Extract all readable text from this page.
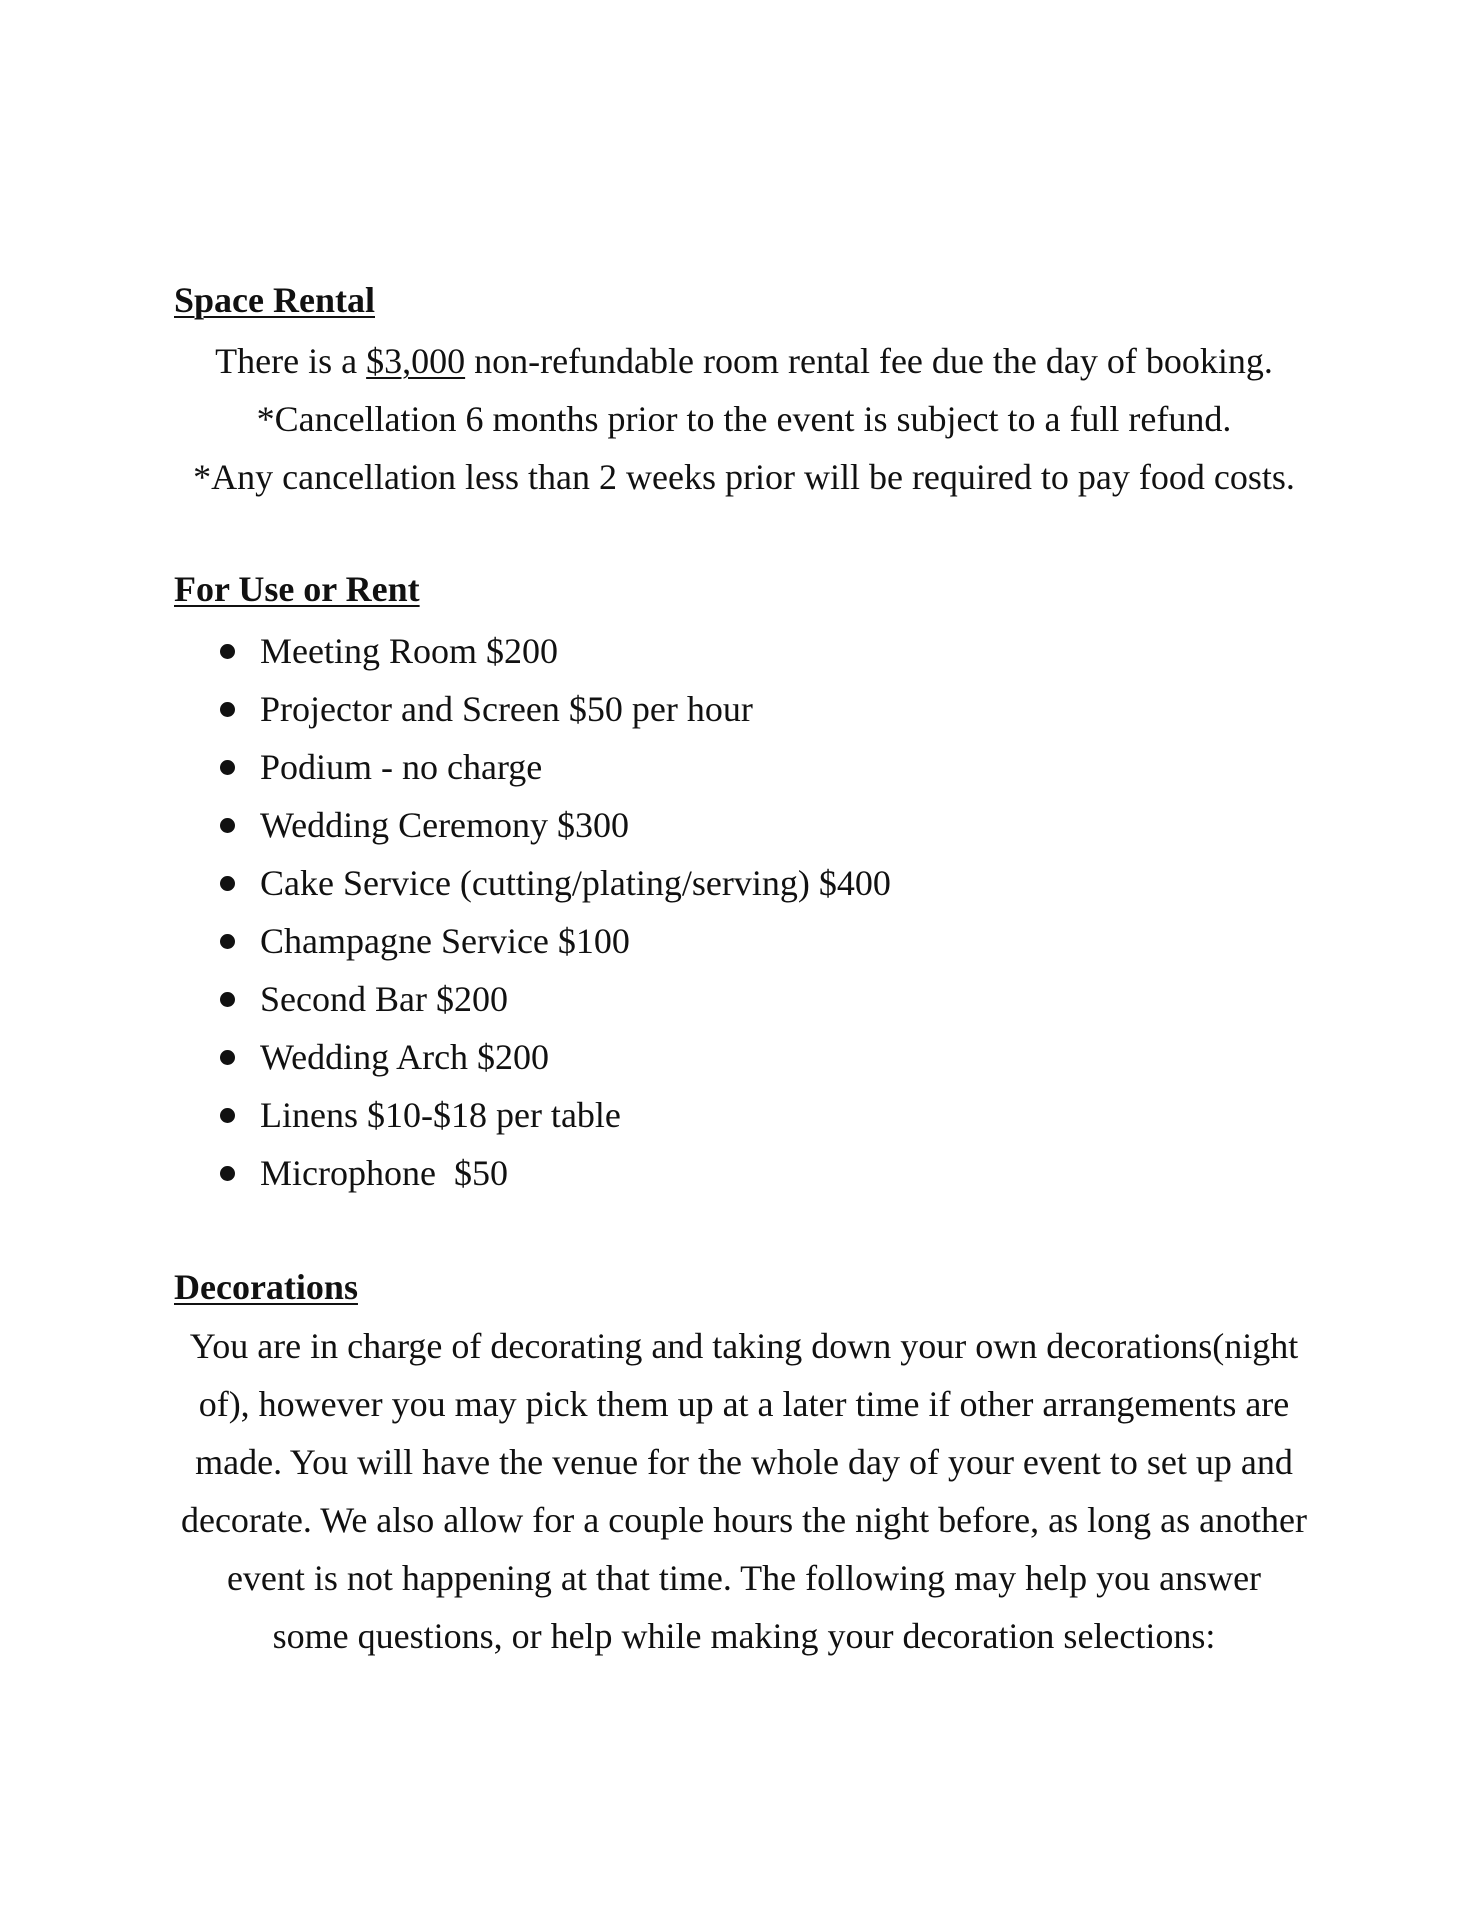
Space Rental

There is a $3,000 non-refundable room rental fee due the day of booking.

*Cancellation 6 months prior to the event is subject to a full refund.

*Any cancellation less than 2 weeks prior will be required to pay food costs.

For Use or Rent
Meeting Room $200
Projector and Screen $50 per hour
Podium - no charge
Wedding Ceremony $300
Cake Service (cutting/plating/serving) $400
Champagne Service $100
Second Bar $200
Wedding Arch $200
Linens $10-$18 per table
Microphone  $50
Decorations

You are in charge of decorating and taking down your own decorations(night

of), however you may pick them up at a later time if other arrangements are

made. You will have the venue for the whole day of your event to set up and

decorate. We also allow for a couple hours the night before, as long as another

event is not happening at that time. The following may help you answer

some questions, or help while making your decoration selections:
